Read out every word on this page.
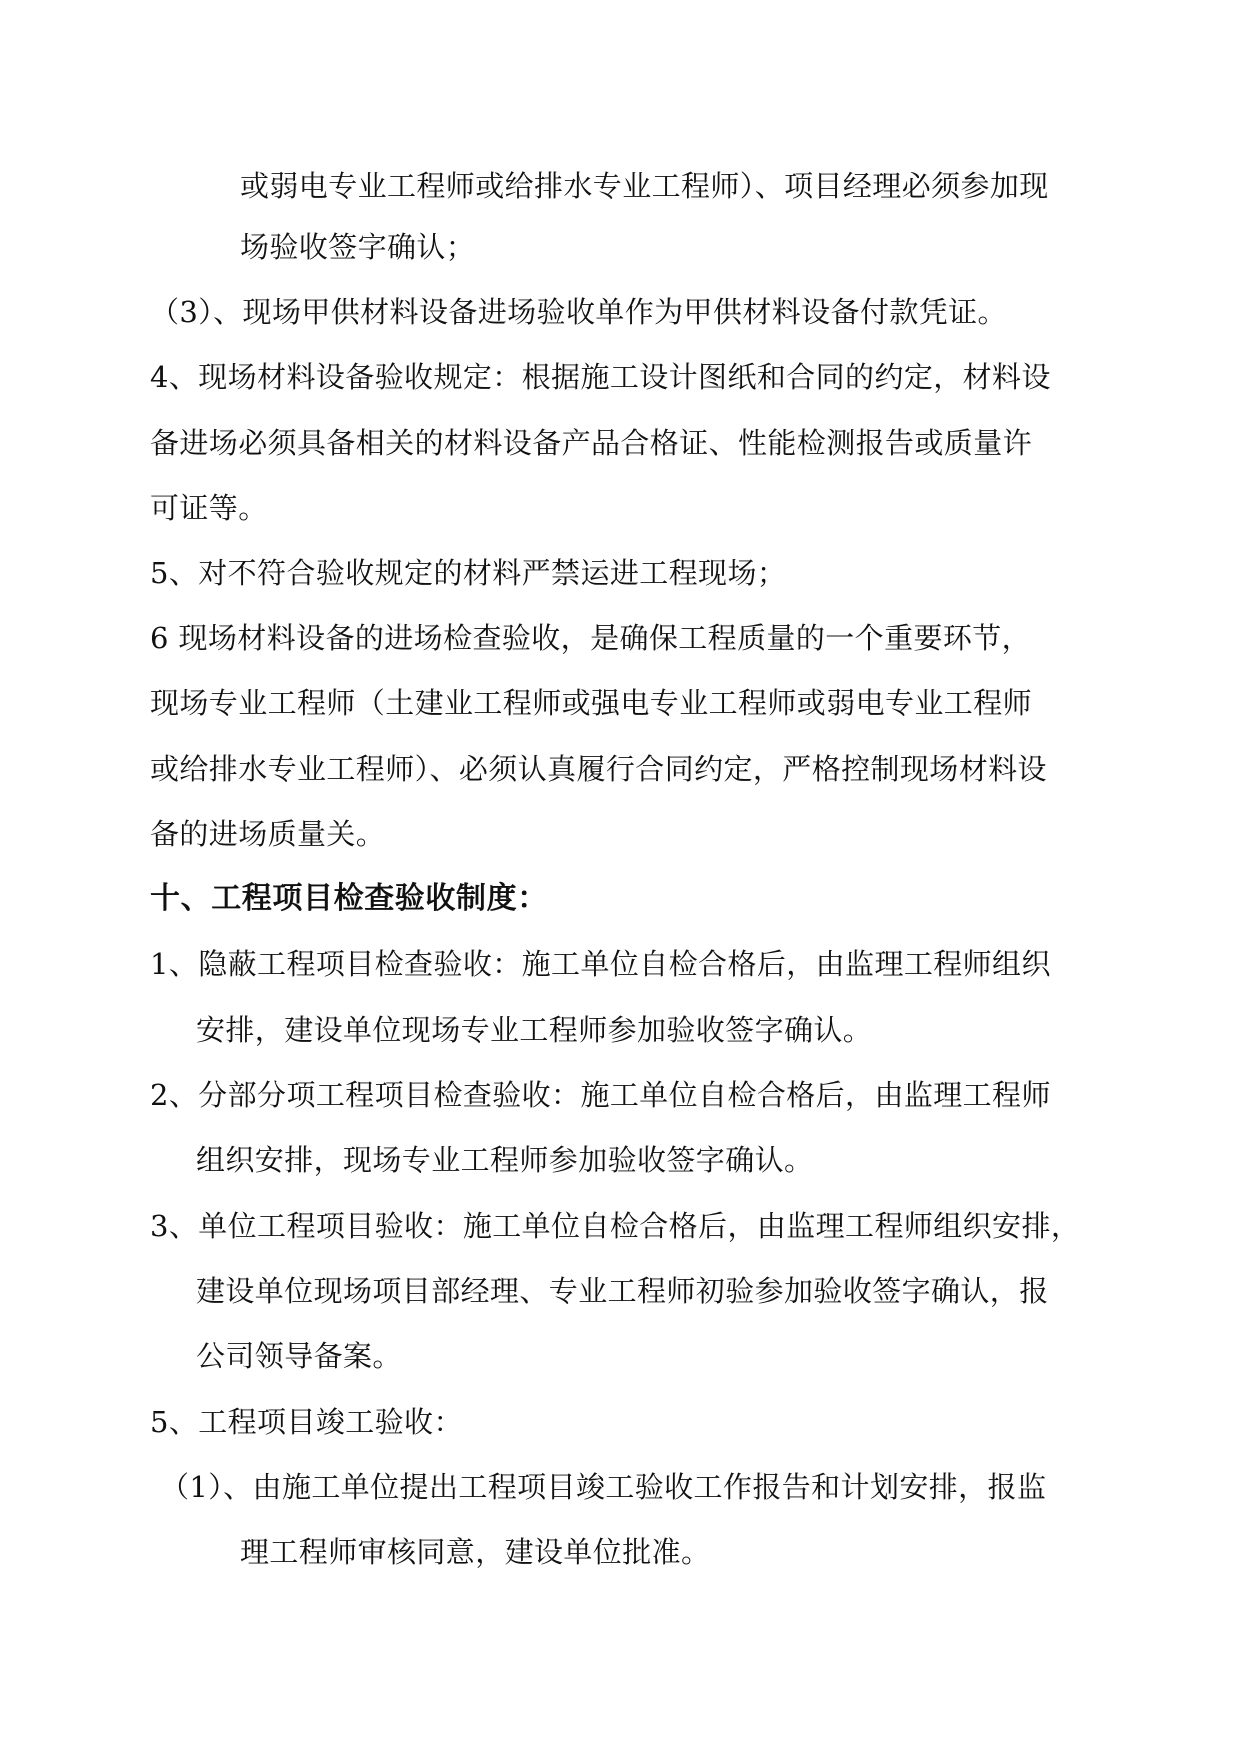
或弱电专业工程师或给排水专业工程师）、项目经理必须参加现
场验收签字确认；
（3）、现场甲供材料设备进场验收单作为甲供材料设备付款凭证。
4、现场材料设备验收规定：根据施工设计图纸和合同的约定，材料设
备进场必须具备相关的材料设备产品合格证、性能检测报告或质量许
可证等。
5、对不符合验收规定的材料严禁运进工程现场；
6 现场材料设备的进场检查验收，是确保工程质量的一个重要环节，
现场专业工程师（土建业工程师或强电专业工程师或弱电专业工程师
或给排水专业工程师）、必须认真履行合同约定，严格控制现场材料设
备的进场质量关。
十、工程项目检查验收制度：
1、隐蔽工程项目检查验收：施工单位自检合格后，由监理工程师组织
安排，建设单位现场专业工程师参加验收签字确认。
2、分部分项工程项目检查验收：施工单位自检合格后，由监理工程师
组织安排，现场专业工程师参加验收签字确认。
3、单位工程项目验收：施工单位自检合格后，由监理工程师组织安排，
建设单位现场项目部经理、专业工程师初验参加验收签字确认，报
公司领导备案。
5、工程项目竣工验收：
（1）、由施工单位提出工程项目竣工验收工作报告和计划安排，报监
理工程师审核同意，建设单位批准。
